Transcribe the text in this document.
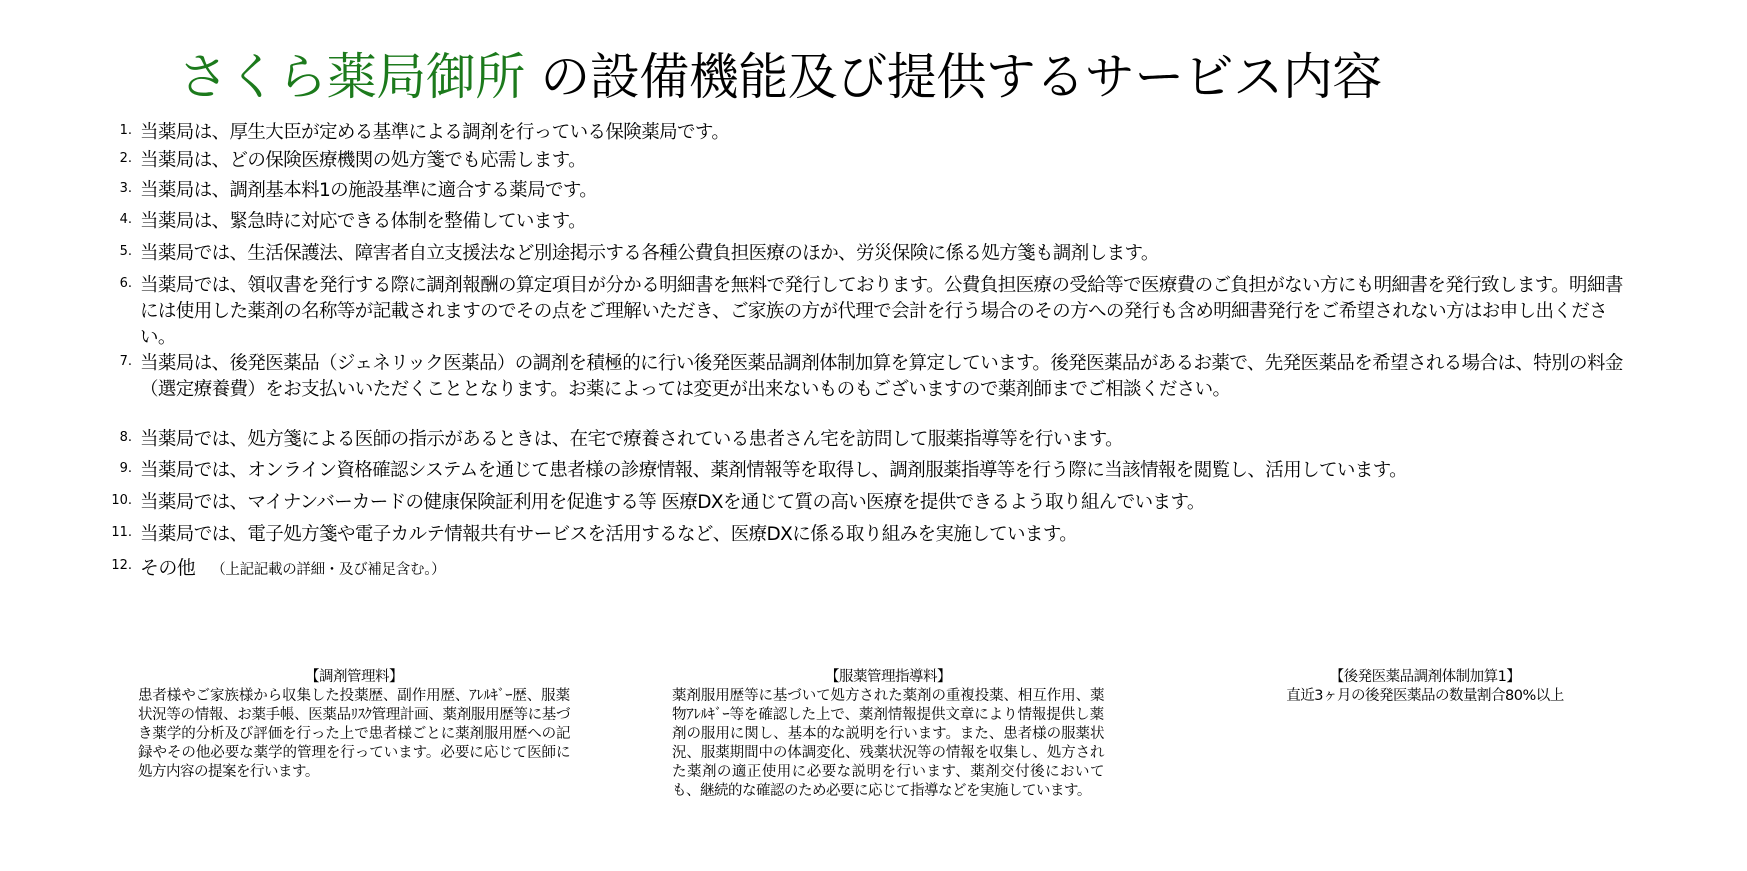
さくら薬局御所 の設備機能及び提供するサービス内容
1. 当薬局は、厚生大臣が定める基準による調剤を行っている保険薬局です。
2. 当薬局は、どの保険医療機関の処方箋でも応需します。
3. 当薬局は、調剤基本料1の施設基準に適合する薬局です。
4. 当薬局は、緊急時に対応できる体制を整備しています。
5. 当薬局では、生活保護法、障害者自立支援法など別途掲示する各種公費負担医療のほか、労災保険に係る処方箋も調剤します。
6. 当薬局では、領収書を発行する際に調剤報酬の算定項目が分かる明細書を無料で発行しております。公費負担医療の受給等で医療費のご負担がない方にも明細書を発行致します。明細書には使用した薬剤の名称等が記載されますのでその点をご理解いただき、ご家族の方が代理で会計を行う場合のその方への発行も含め明細書発行をご希望されない方はお申し出ください。
7. 当薬局は、後発医薬品（ジェネリック医薬品）の調剤を積極的に行い後発医薬品調剤体制加算を算定しています。後発医薬品があるお薬で、先発医薬品を希望される場合は、特別の料金（選定療養費）をお支払いいただくこととなります。お薬によっては変更が出来ないものもございますので薬剤師までご相談ください。
8. 当薬局では、処方箋による医師の指示があるときは、在宅で療養されている患者さん宅を訪問して服薬指導等を行います。
9. 当薬局では、オンライン資格確認システムを通じて患者様の診療情報、薬剤情報等を取得し、調剤服薬指導等を行う際に当該情報を閲覧し、活用しています。
10. 当薬局では、マイナンバーカードの健康保険証利用を促進する等 医療DXを通じて質の高い医療を提供できるよう取り組んでいます。
11. 当薬局では、電子処方箋や電子カルテ情報共有サービスを活用するなど、医療DXに係る取り組みを実施しています。
12. その他 （上記記載の詳細・及び補足含む。）
【調剤管理料】
患者様やご家族様から収集した投薬歴、副作用歴、ｱﾚﾙｷﾞｰ歴、服薬状況等の情報、お薬手帳、医薬品ﾘｽｸ管理計画、薬剤服用歴等に基づき薬学的分析及び評価を行った上で患者様ごとに薬剤服用歴への記録やその他必要な薬学的管理を行っています。必要に応じて医師に処方内容の提案を行います。
【服薬管理指導料】
薬剤服用歴等に基づいて処方された薬剤の重複投薬、相互作用、薬物ｱﾚﾙｷﾞｰ等を確認した上で、薬剤情報提供文章により情報提供し薬剤の服用に関し、基本的な説明を行います。また、患者様の服薬状況、服薬期間中の体調変化、残薬状況等の情報を収集し、処方された薬剤の適正使用に必要な説明を行います、薬剤交付後においても、継続的な確認のため必要に応じて指導などを実施しています。
【後発医薬品調剤体制加算1】
直近3ヶ月の後発医薬品の数量割合80%以上
